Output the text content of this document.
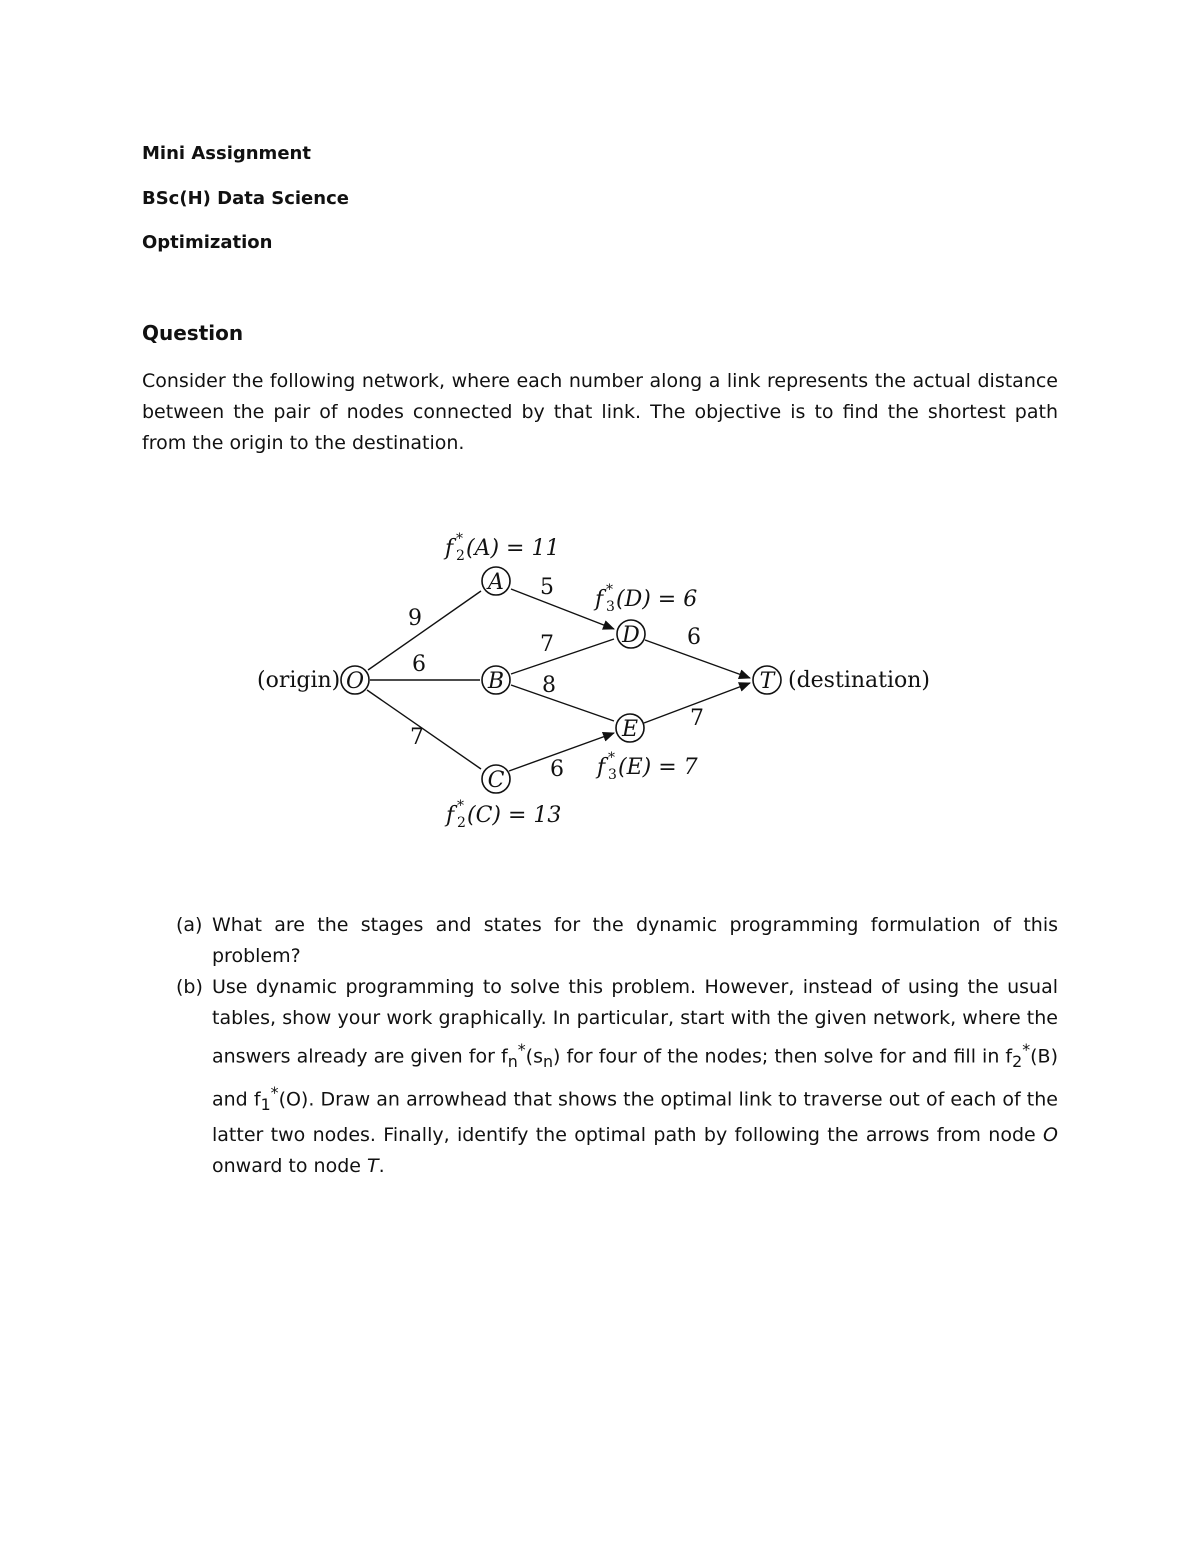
Mini Assignment
BSc(H) Data Science
Optimization
Question
Consider the following network, where each number along a link represents the actual distance between the pair of nodes connected by that link. The objective is to find the shortest path from the origin to the destination.
O
A
B
C
D
E
T
(origin)	(destination)
9
6
7
5
7
8
6
6
7
f *
2 (A) = 11
f *
3 (D) = 6
f *
3 (E) = 7
f *
2 (C) = 13
(a) What are the stages and states for the dynamic programming formulation of this problem?
(b) Use dynamic programming to solve this problem. However, instead of using the usual tables, show your work graphically. In particular, start with the given network, where the answers already are given for $f_n^*(s_n)$ for four of the nodes; then solve for and fill in $f_2^*(B)$ and $f_1^*(O)$. Draw an arrowhead that shows the optimal link to traverse out of each of the latter two nodes. Finally, identify the optimal path by following the arrows from node O onward to node T.
